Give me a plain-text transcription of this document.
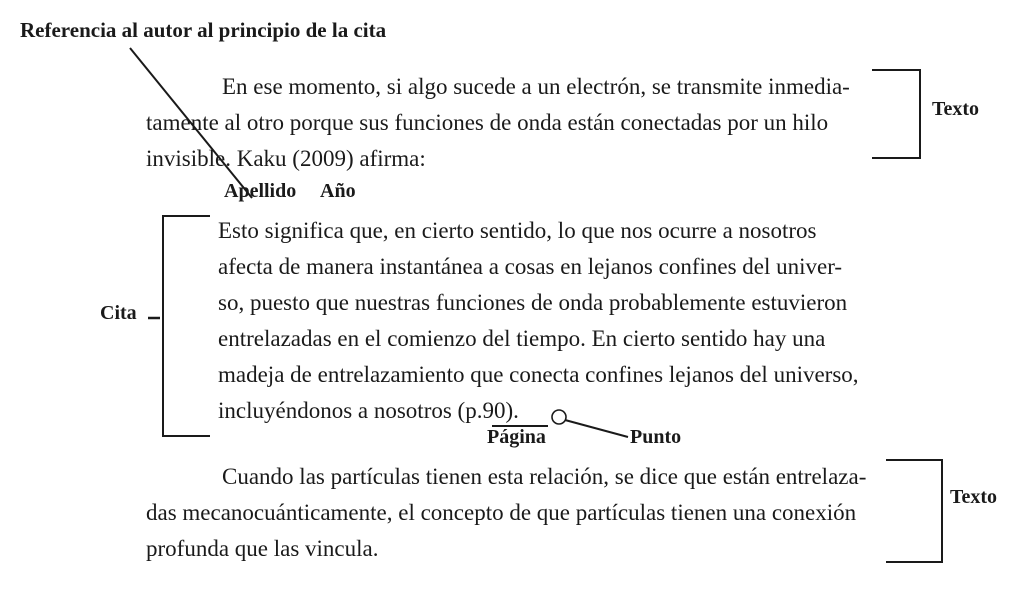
Referencia al autor al principio de la cita
En ese momento, si algo sucede a un electrón, se transmite inmedia-
tamente al otro porque sus funciones de onda están conectadas por un hilo
invisible. Kaku (2009) afirma:
Apellido Año
Texto
Esto significa que, en cierto sentido, lo que nos ocurre a nosotros
afecta de manera instantánea a cosas en lejanos confines del univer-
so, puesto que nuestras funciones de onda probablemente estuvieron
entrelazadas en el comienzo del tiempo. En cierto sentido hay una
madeja de entrelazamiento que conecta confines lejanos del universo,
incluyéndonos a nosotros (p.90).
Cita
Página	Punto
Cuando las partículas tienen esta relación, se dice que están entrelaza-
das mecanocuánticamente, el concepto de que partículas tienen una conexión
profunda que las vincula.
Texto
